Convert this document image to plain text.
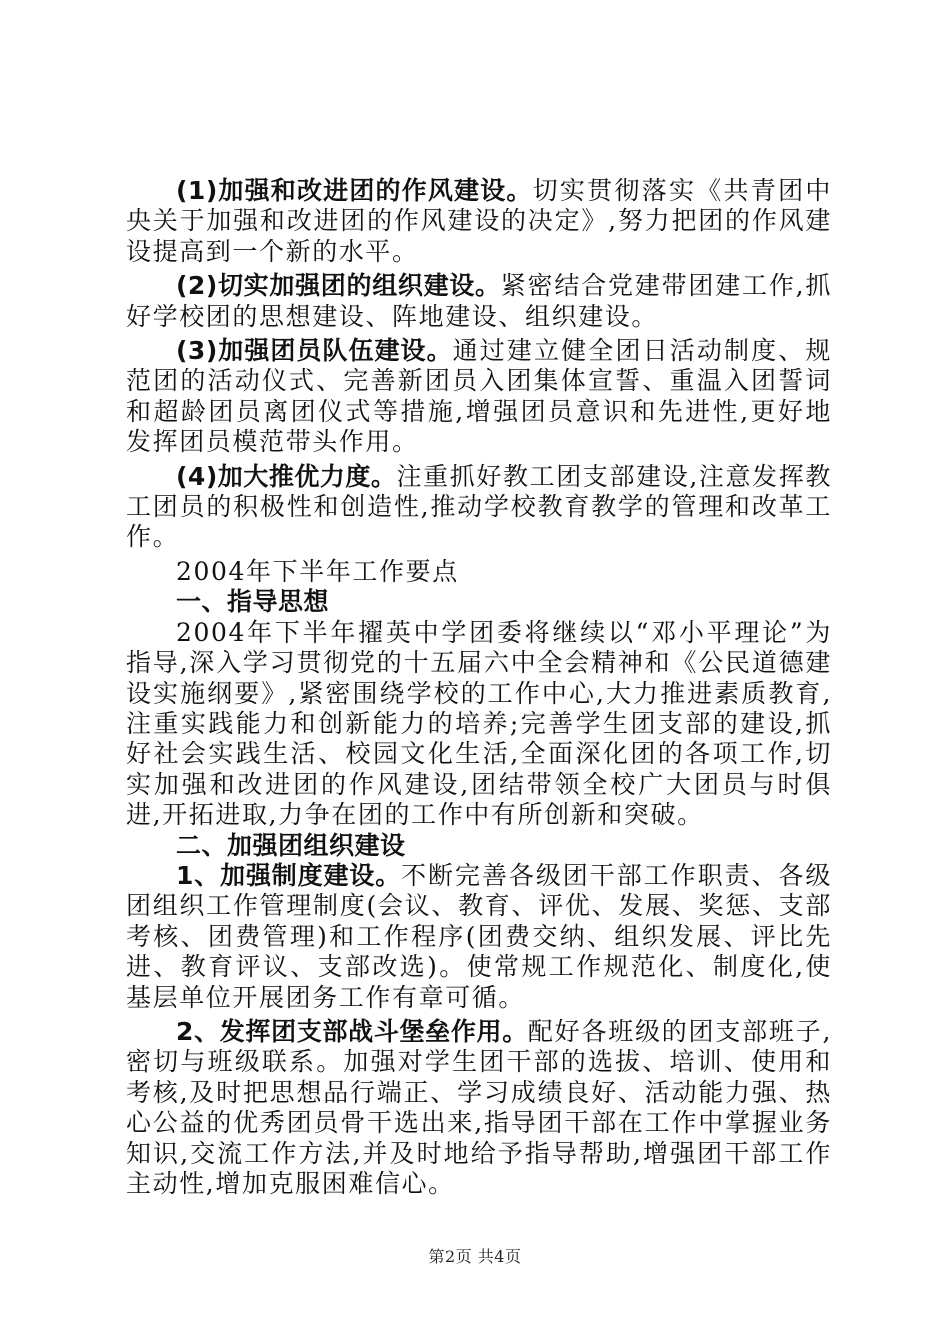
(1)加强和改进团的作风建设。切实贯彻落实《共青团中央关于加强和改进团的作风建设的决定》,努力把团的作风建设提高到一个新的水平。

(2)切实加强团的组织建设。紧密结合党建带团建工作,抓好学校团的思想建设、阵地建设、组织建设。

(3)加强团员队伍建设。通过建立健全团日活动制度、规范团的活动仪式、完善新团员入团集体宣誓、重温入团誓词和超龄团员离团仪式等措施,增强团员意识和先进性,更好地发挥团员模范带头作用。

(4)加大推优力度。注重抓好教工团支部建设,注意发挥教工团员的积极性和创造性,推动学校教育教学的管理和改革工作。

2004年下半年工作要点

一、指导思想

2004年下半年擢英中学团委将继续以“邓小平理论”为指导,深入学习贯彻党的十五届六中全会精神和《公民道德建设实施纲要》,紧密围绕学校的工作中心,大力推进素质教育,注重实践能力和创新能力的培养;完善学生团支部的建设,抓好社会实践生活、校园文化生活,全面深化团的各项工作,切实加强和改进团的作风建设,团结带领全校广大团员与时俱进,开拓进取,力争在团的工作中有所创新和突破。

二、加强团组织建设

1、加强制度建设。不断完善各级团干部工作职责、各级团组织工作管理制度(会议、教育、评优、发展、奖惩、支部考核、团费管理)和工作程序(团费交纳、组织发展、评比先进、教育评议、支部改选)。使常规工作规范化、制度化,使基层单位开展团务工作有章可循。

2、发挥团支部战斗堡垒作用。配好各班级的团支部班子,密切与班级联系。加强对学生团干部的选拔、培训、使用和考核,及时把思想品行端正、学习成绩良好、活动能力强、热心公益的优秀团员骨干选出来,指导团干部在工作中掌握业务知识,交流工作方法,并及时地给予指导帮助,增强团干部工作主动性,增加克服困难信心。

第2页 共4页
